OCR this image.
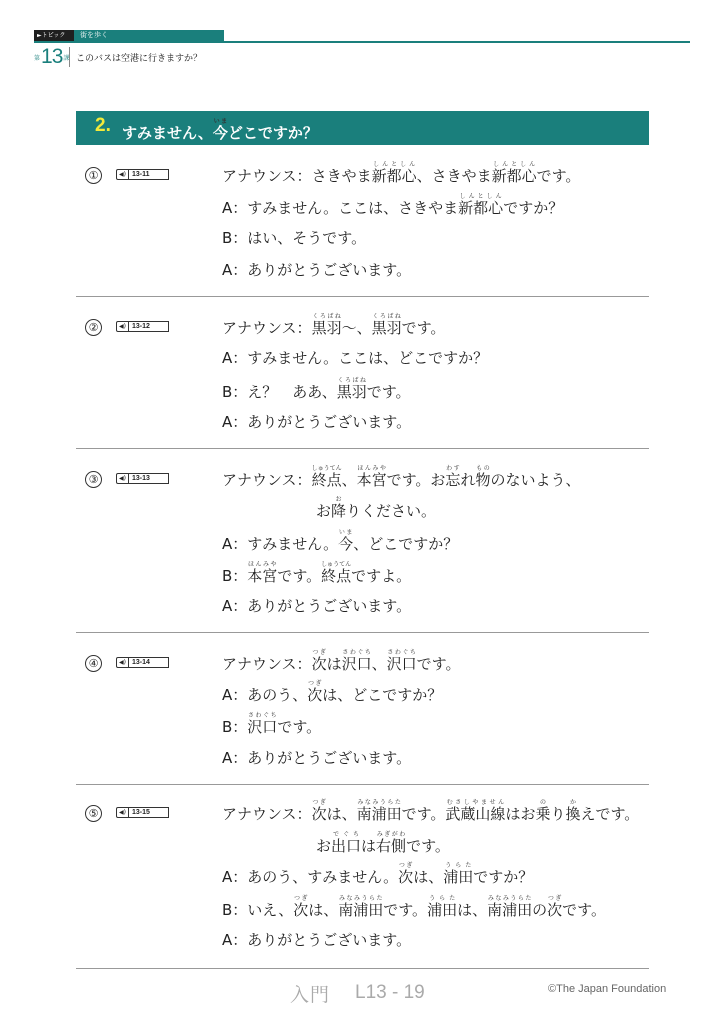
►トピック	街を歩く
第 13 課 このバスは空港に行きますか？
2. すみません、今いまどこですか？
①	◀) 13-11	アナウンス：さきやま新都心しんとしん、さきやま新都心しんとしんです。
A：すみません。ここは、さきやま新都心しんとしんですか？
B：はい、そうです。
A：ありがとうございます。
②	◀) 13-12	アナウンス：黒羽くろばね～、黒羽くろばねです。
A：すみません。ここは、どこですか？
B：え？　ああ、黒羽くろばねです。
A：ありがとうございます。
③	◀) 13-13	アナウンス：終点しゅうてん、本宮ほんみやです。お忘わすれ物もののないよう、
お降おりください。
A：すみません。今いま、どこですか？
B：本宮ほんみやです。終点しゅうてんですよ。
A：ありがとうございます。
④	◀) 13-14	アナウンス：次つぎは沢口さわぐち、沢口さわぐちです。
A：あのう、次つぎは、どこですか？
B：沢口さわぐちです。
A：ありがとうございます。
⑤	◀) 13-15	アナウンス：次つぎは、南浦田みなみうらたです。武蔵山線むさしやませんはお乗のり換かえです。
お出口でぐちは右側みぎがわです。
A：あのう、すみません。次つぎは、浦田うらたですか？
B：いえ、次つぎは、南浦田みなみうらたです。浦田うらたは、南浦田みなみうらたの次つぎです。
A：ありがとうございます。
入門 L13 - 19	©The Japan Foundation
